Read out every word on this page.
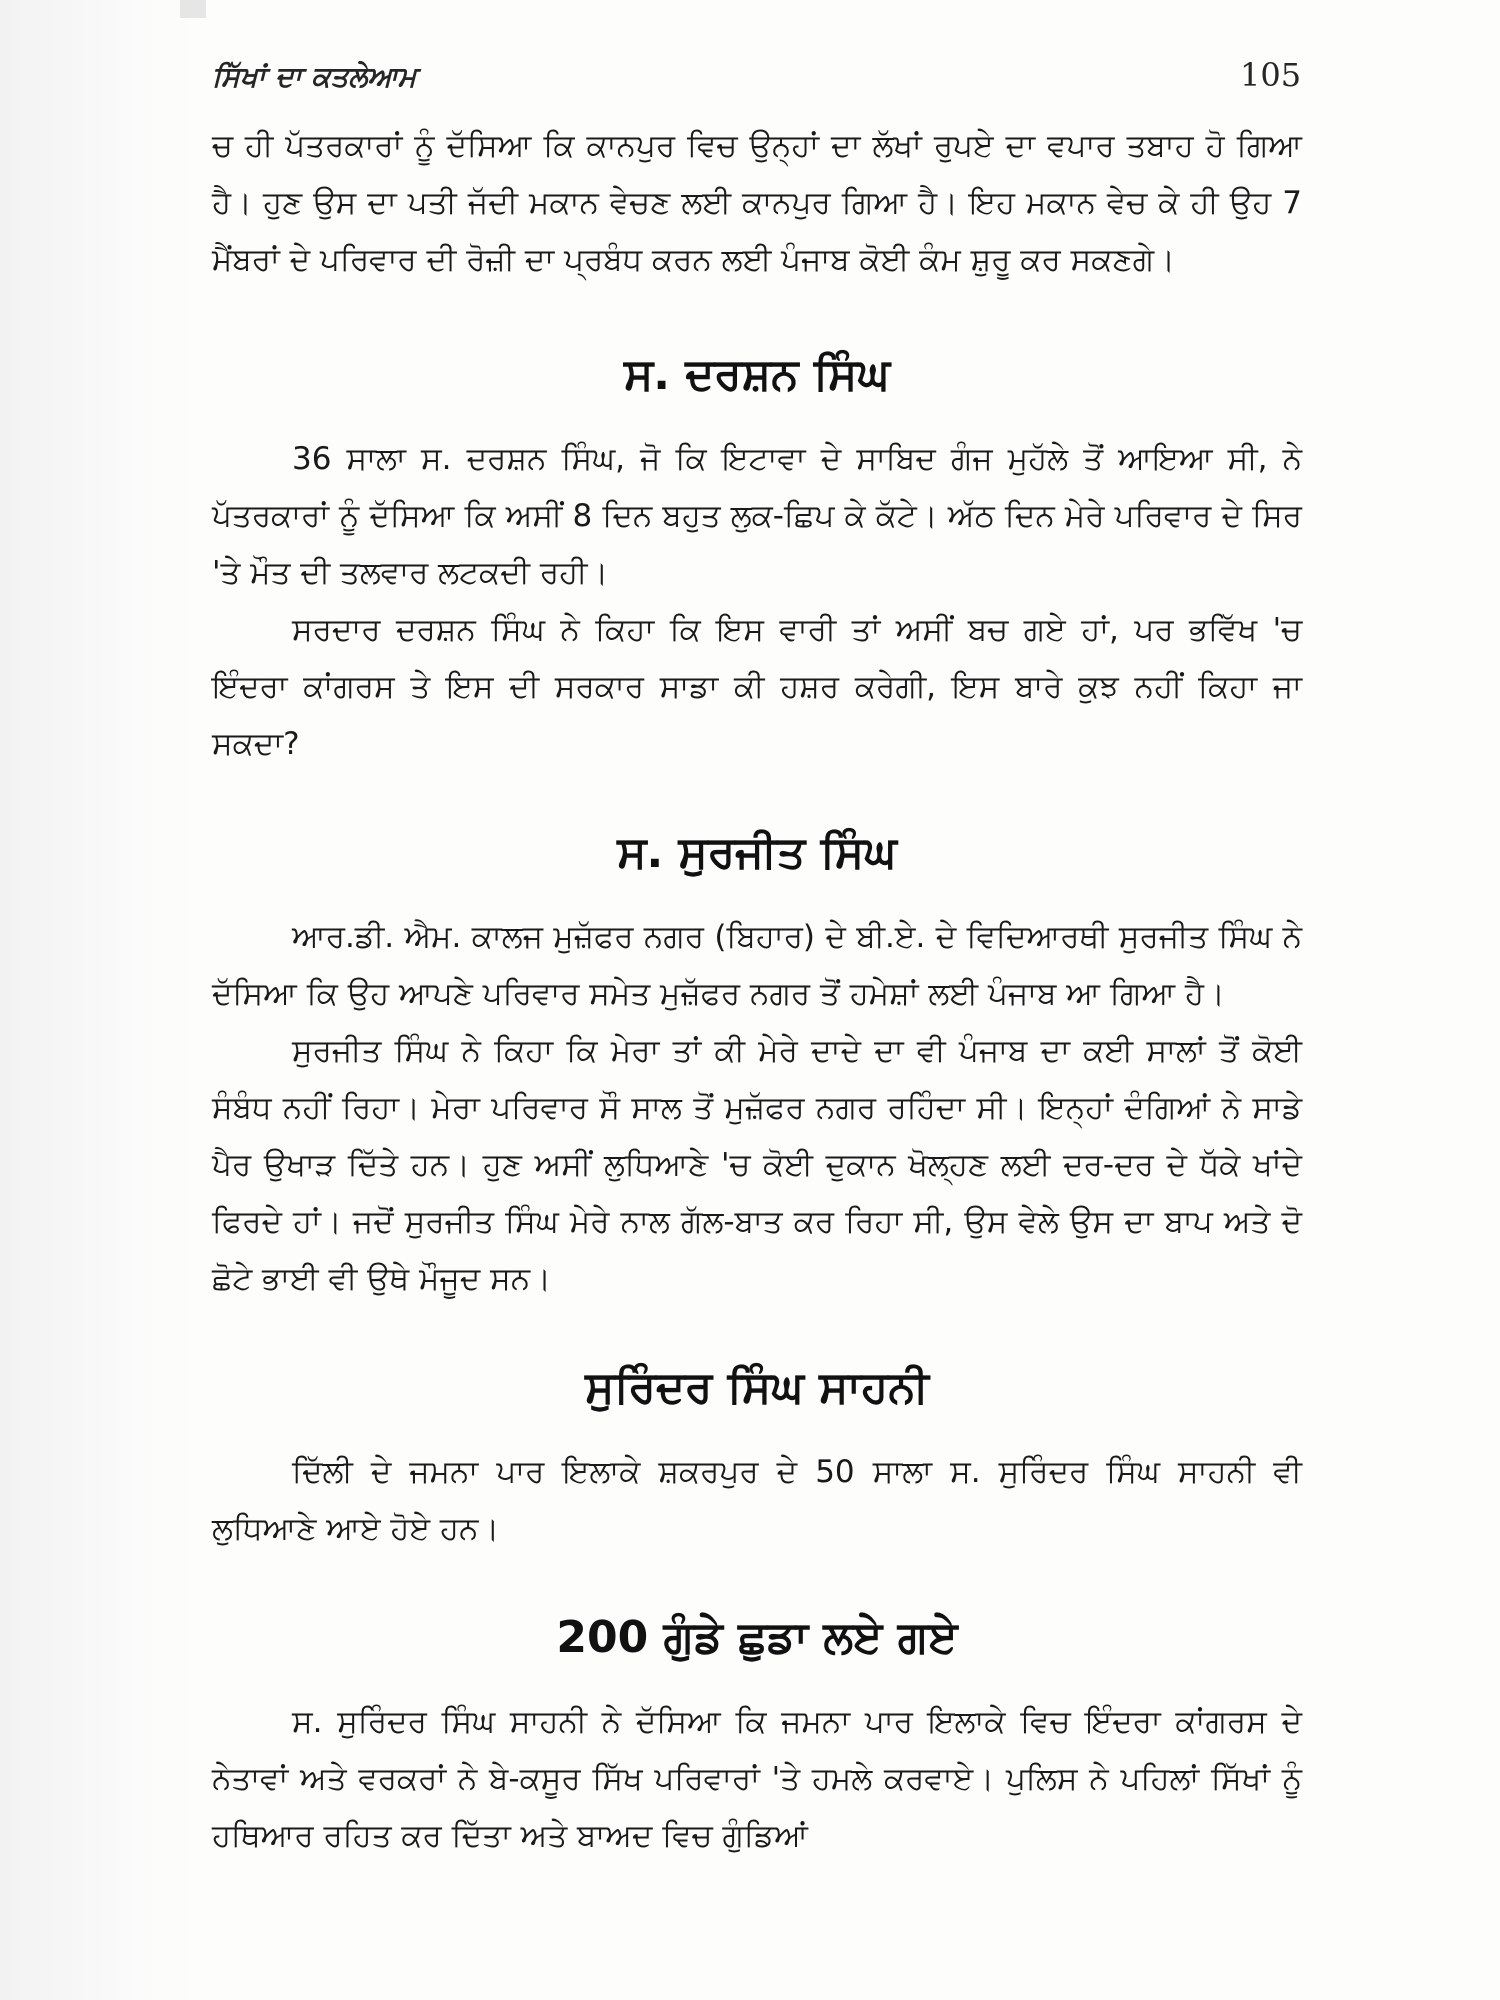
ਸਿੱਖਾਂ ਦਾ ਕਤਲੇਆਮ	105

ਚ ਹੀ ਪੱਤਰਕਾਰਾਂ ਨੂੰ ਦੱਸਿਆ ਕਿ ਕਾਨਪੁਰ ਵਿਚ ਉਨ੍ਹਾਂ ਦਾ ਲੱਖਾਂ ਰੁਪਏ ਦਾ ਵਪਾਰ ਤਬਾਹ ਹੋ ਗਿਆ ਹੈ। ਹੁਣ ਉਸ ਦਾ ਪਤੀ ਜੱਦੀ ਮਕਾਨ ਵੇਚਣ ਲਈ ਕਾਨਪੁਰ ਗਿਆ ਹੈ। ਇਹ ਮਕਾਨ ਵੇਚ ਕੇ ਹੀ ਉਹ 7 ਮੈਂਬਰਾਂ ਦੇ ਪਰਿਵਾਰ ਦੀ ਰੋਜ਼ੀ ਦਾ ਪ੍ਰਬੰਧ ਕਰਨ ਲਈ ਪੰਜਾਬ ਕੋਈ ਕੰਮ ਸ਼ੁਰੂ ਕਰ ਸਕਣਗੇ।

ਸ. ਦਰਸ਼ਨ ਸਿੰਘ

36 ਸਾਲਾ ਸ. ਦਰਸ਼ਨ ਸਿੰਘ, ਜੋ ਕਿ ਇਟਾਵਾ ਦੇ ਸਾਬਿਦ ਗੰਜ ਮੁਹੱਲੇ ਤੋਂ ਆਇਆ ਸੀ, ਨੇ ਪੱਤਰਕਾਰਾਂ ਨੂੰ ਦੱਸਿਆ ਕਿ ਅਸੀਂ 8 ਦਿਨ ਬਹੁਤ ਲੁਕ-ਛਿਪ ਕੇ ਕੱਟੇ। ਅੱਠ ਦਿਨ ਮੇਰੇ ਪਰਿਵਾਰ ਦੇ ਸਿਰ 'ਤੇ ਮੌਤ ਦੀ ਤਲਵਾਰ ਲਟਕਦੀ ਰਹੀ।

ਸਰਦਾਰ ਦਰਸ਼ਨ ਸਿੰਘ ਨੇ ਕਿਹਾ ਕਿ ਇਸ ਵਾਰੀ ਤਾਂ ਅਸੀਂ ਬਚ ਗਏ ਹਾਂ, ਪਰ ਭਵਿੱਖ 'ਚ ਇੰਦਰਾ ਕਾਂਗਰਸ ਤੇ ਇਸ ਦੀ ਸਰਕਾਰ ਸਾਡਾ ਕੀ ਹਸ਼ਰ ਕਰੇਗੀ, ਇਸ ਬਾਰੇ ਕੁਝ ਨਹੀਂ ਕਿਹਾ ਜਾ ਸਕਦਾ?

ਸ. ਸੁਰਜੀਤ ਸਿੰਘ

ਆਰ.ਡੀ. ਐਮ. ਕਾਲਜ ਮੁਜ਼ੱਫਰ ਨਗਰ (ਬਿਹਾਰ) ਦੇ ਬੀ.ਏ. ਦੇ ਵਿਦਿਆਰਥੀ ਸੁਰਜੀਤ ਸਿੰਘ ਨੇ ਦੱਸਿਆ ਕਿ ਉਹ ਆਪਣੇ ਪਰਿਵਾਰ ਸਮੇਤ ਮੁਜ਼ੱਫਰ ਨਗਰ ਤੋਂ ਹਮੇਸ਼ਾਂ ਲਈ ਪੰਜਾਬ ਆ ਗਿਆ ਹੈ।

ਸੁਰਜੀਤ ਸਿੰਘ ਨੇ ਕਿਹਾ ਕਿ ਮੇਰਾ ਤਾਂ ਕੀ ਮੇਰੇ ਦਾਦੇ ਦਾ ਵੀ ਪੰਜਾਬ ਦਾ ਕਈ ਸਾਲਾਂ ਤੋਂ ਕੋਈ ਸੰਬੰਧ ਨਹੀਂ ਰਿਹਾ। ਮੇਰਾ ਪਰਿਵਾਰ ਸੌ ਸਾਲ ਤੋਂ ਮੁਜ਼ੱਫਰ ਨਗਰ ਰਹਿੰਦਾ ਸੀ। ਇਨ੍ਹਾਂ ਦੰਗਿਆਂ ਨੇ ਸਾਡੇ ਪੈਰ ਉਖਾੜ ਦਿੱਤੇ ਹਨ। ਹੁਣ ਅਸੀਂ ਲੁਧਿਆਣੇ 'ਚ ਕੋਈ ਦੁਕਾਨ ਖੋਲ੍ਹਣ ਲਈ ਦਰ-ਦਰ ਦੇ ਧੱਕੇ ਖਾਂਦੇ ਫਿਰਦੇ ਹਾਂ। ਜਦੋਂ ਸੁਰਜੀਤ ਸਿੰਘ ਮੇਰੇ ਨਾਲ ਗੱਲ-ਬਾਤ ਕਰ ਰਿਹਾ ਸੀ, ਉਸ ਵੇਲੇ ਉਸ ਦਾ ਬਾਪ ਅਤੇ ਦੋ ਛੋਟੇ ਭਾਈ ਵੀ ਉਥੇ ਮੌਜੂਦ ਸਨ।

ਸੁਰਿੰਦਰ ਸਿੰਘ ਸਾਹਨੀ

ਦਿੱਲੀ ਦੇ ਜਮਨਾ ਪਾਰ ਇਲਾਕੇ ਸ਼ਕਰਪੁਰ ਦੇ 50 ਸਾਲਾ ਸ. ਸੁਰਿੰਦਰ ਸਿੰਘ ਸਾਹਨੀ ਵੀ ਲੁਧਿਆਣੇ ਆਏ ਹੋਏ ਹਨ।

200 ਗੁੰਡੇ ਛੁਡਾ ਲਏ ਗਏ

ਸ. ਸੁਰਿੰਦਰ ਸਿੰਘ ਸਾਹਨੀ ਨੇ ਦੱਸਿਆ ਕਿ ਜਮਨਾ ਪਾਰ ਇਲਾਕੇ ਵਿਚ ਇੰਦਰਾ ਕਾਂਗਰਸ ਦੇ ਨੇਤਾਵਾਂ ਅਤੇ ਵਰਕਰਾਂ ਨੇ ਬੇ-ਕਸੂਰ ਸਿੱਖ ਪਰਿਵਾਰਾਂ 'ਤੇ ਹਮਲੇ ਕਰਵਾਏ। ਪੁਲਿਸ ਨੇ ਪਹਿਲਾਂ ਸਿੱਖਾਂ ਨੂੰ ਹਥਿਆਰ ਰਹਿਤ ਕਰ ਦਿੱਤਾ ਅਤੇ ਬਾਅਦ ਵਿਚ ਗੁੰਡਿਆਂ
